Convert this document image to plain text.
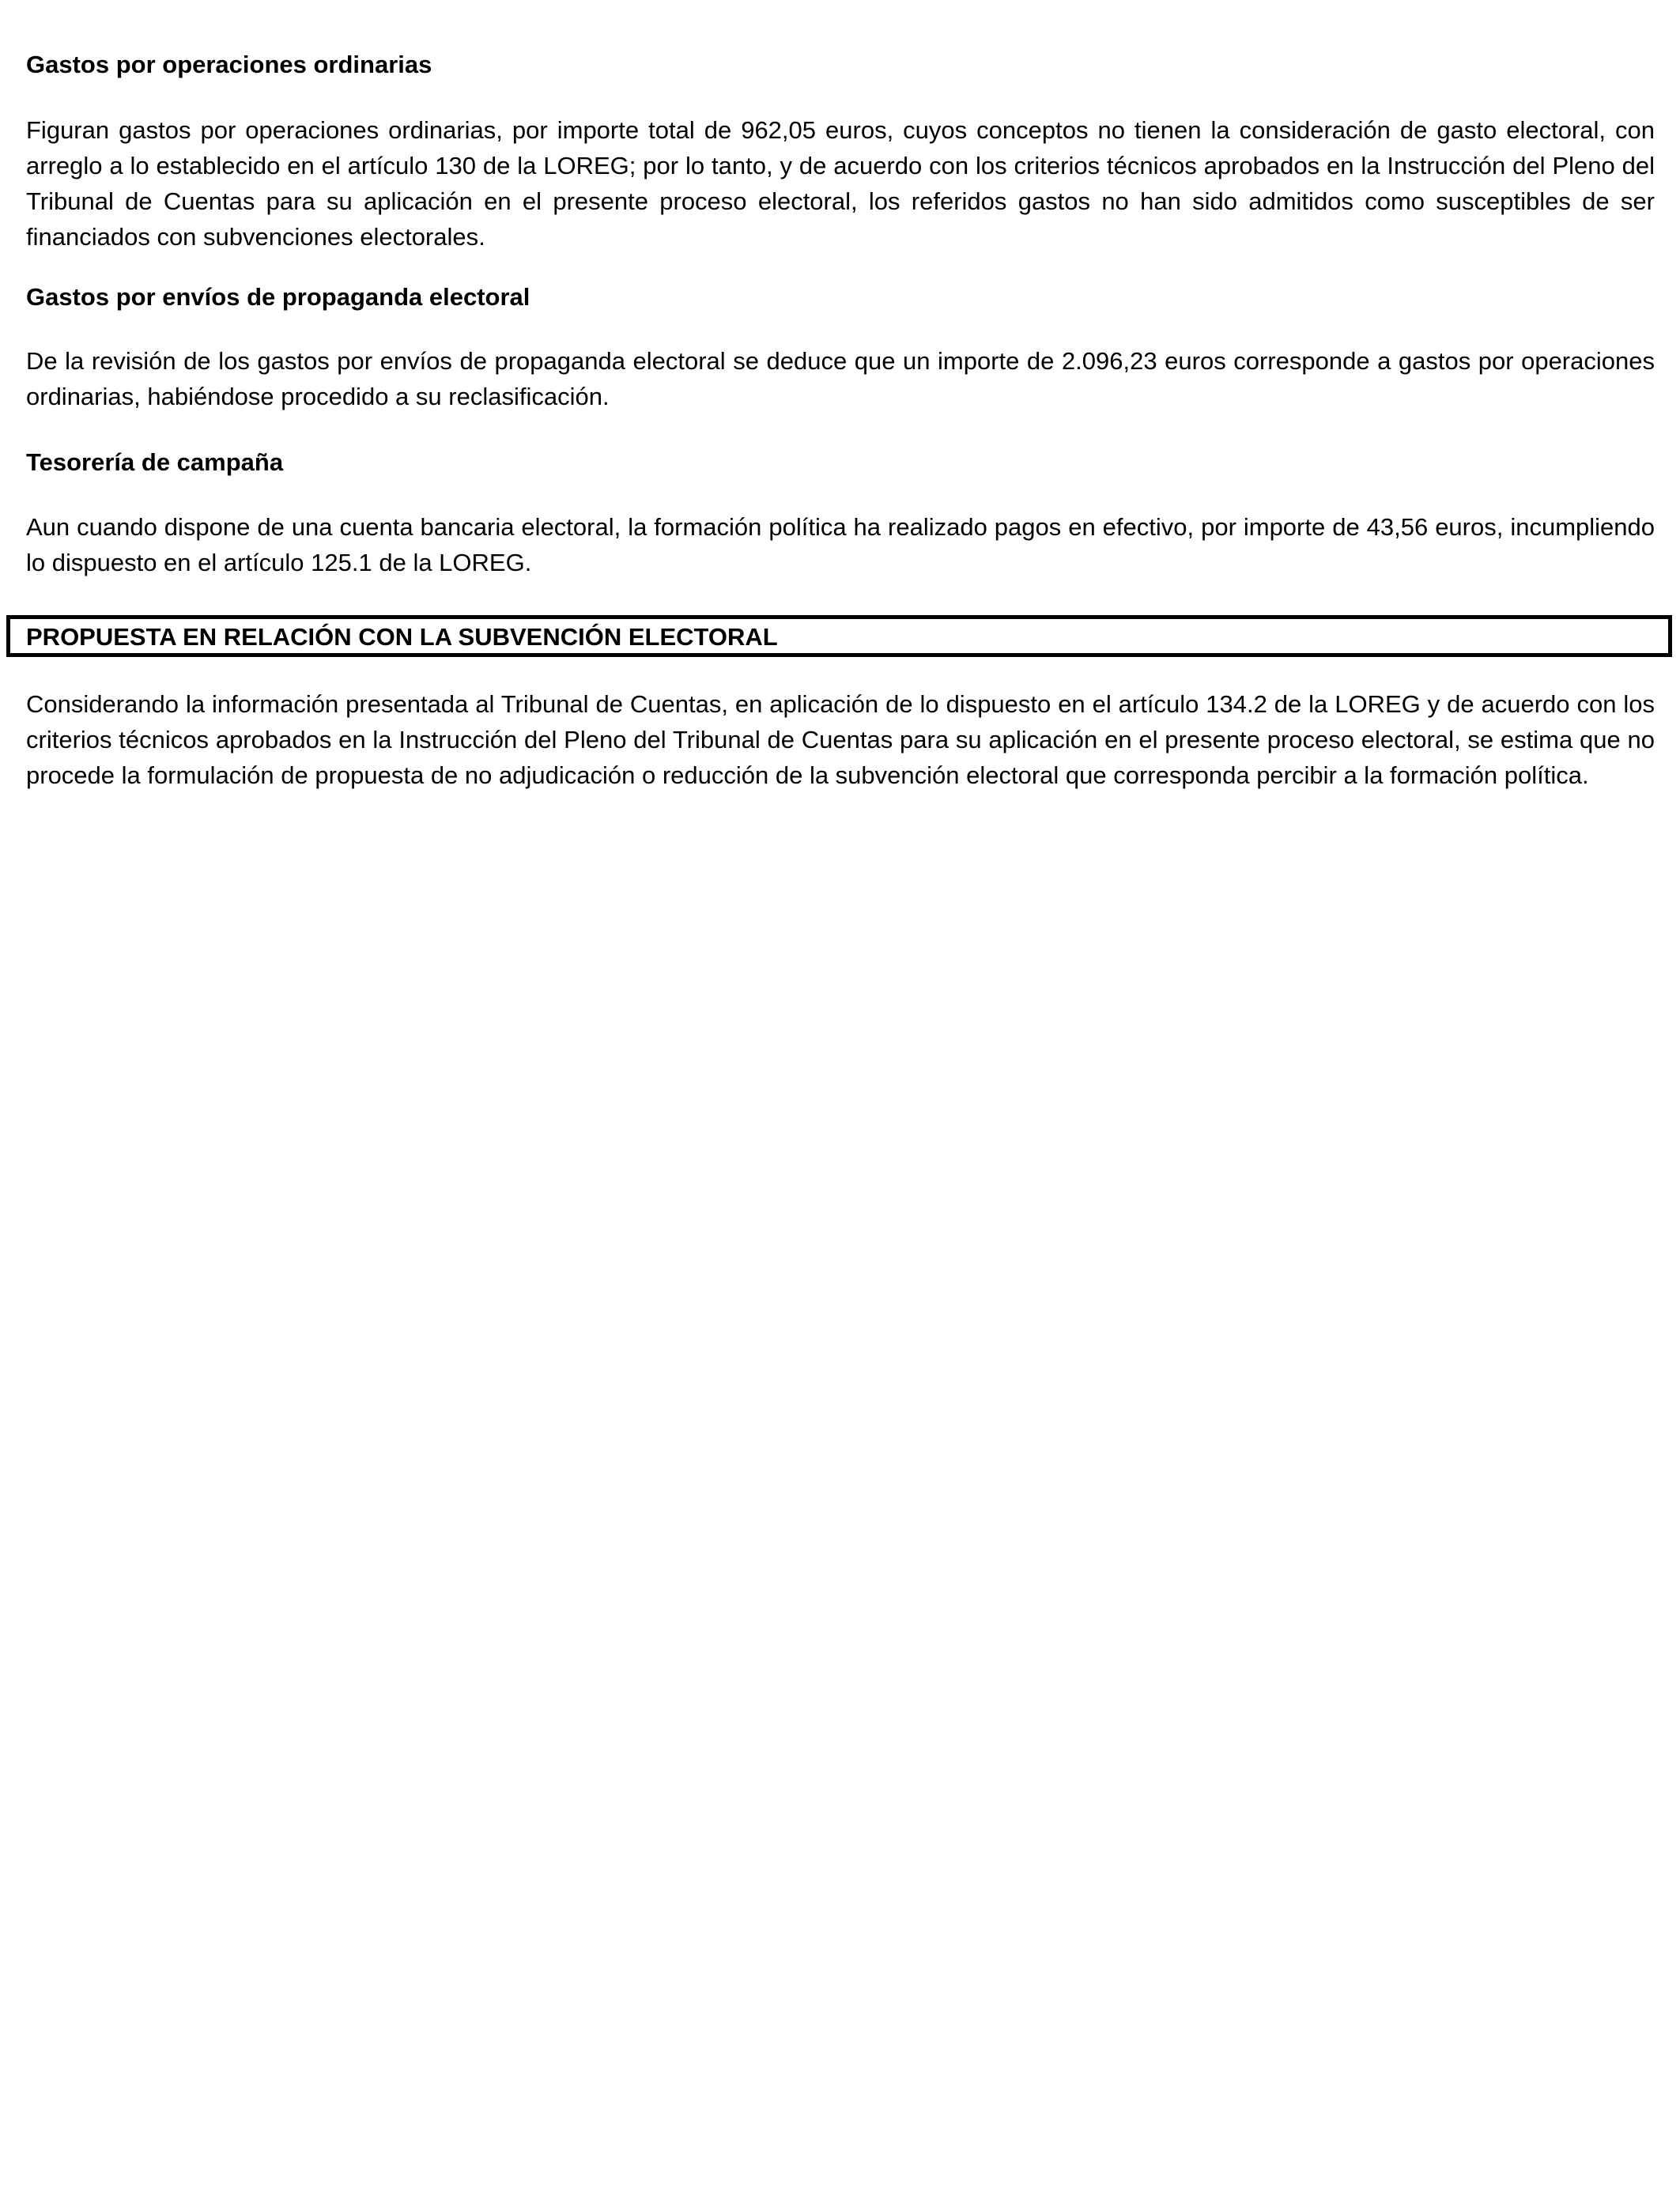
Gastos por operaciones ordinarias

Figuran gastos por operaciones ordinarias, por importe total de 962,05 euros, cuyos conceptos no tienen la consideración de gasto electoral, con arreglo a lo establecido en el artículo 130 de la LOREG; por lo tanto, y de acuerdo con los criterios técnicos aprobados en la Instrucción del Pleno del Tribunal de Cuentas para su aplicación en el presente proceso electoral, los referidos gastos no han sido admitidos como susceptibles de ser financiados con subvenciones electorales.

Gastos por envíos de propaganda electoral

De la revisión de los gastos por envíos de propaganda electoral se deduce que un importe de 2.096,23 euros corresponde a gastos por operaciones ordinarias, habiéndose procedido a su reclasificación.

Tesorería de campaña

Aun cuando dispone de una cuenta bancaria electoral, la formación política ha realizado pagos en efectivo, por importe de 43,56 euros, incumpliendo lo dispuesto en el artículo 125.1 de la LOREG.

PROPUESTA EN RELACIÓN CON LA SUBVENCIÓN ELECTORAL

Considerando la información presentada al Tribunal de Cuentas, en aplicación de lo dispuesto en el artículo 134.2 de la LOREG y de acuerdo con los criterios técnicos aprobados en la Instrucción del Pleno del Tribunal de Cuentas para su aplicación en el presente proceso electoral, se estima que no procede la formulación de propuesta de no adjudicación o reducción de la subvención electoral que corresponda percibir a la formación política.
